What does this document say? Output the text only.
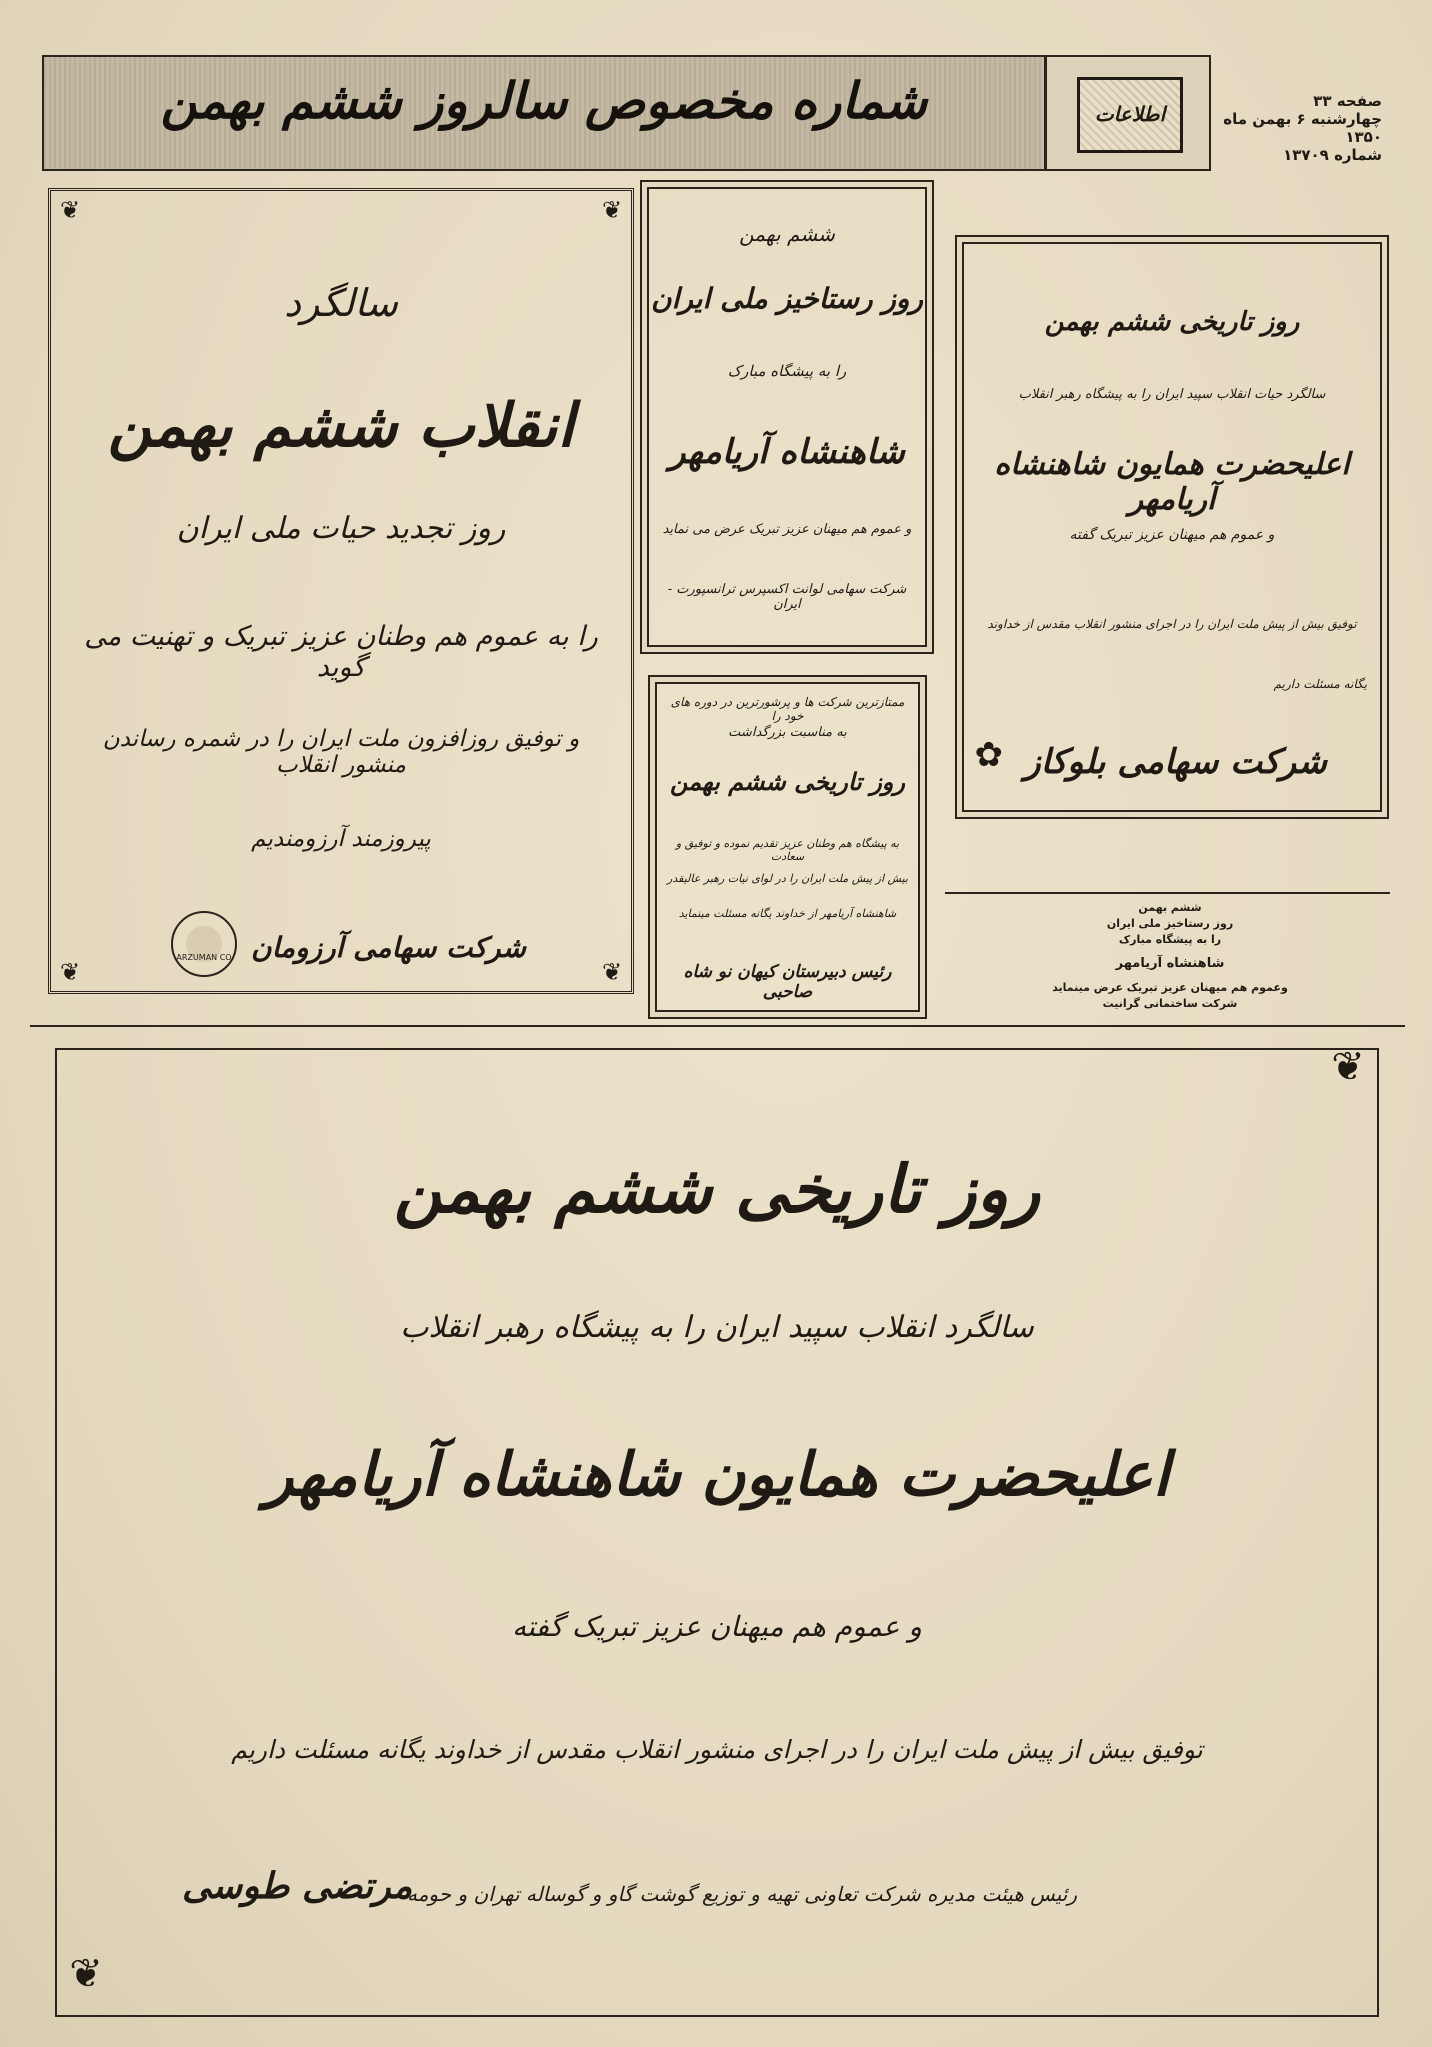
شماره مخصوص سالروز ششم بهمن	اطلاعات
صفحه ۳۳
چهارشنبه ۶ بهمن ماه ۱۳۵۰
شماره ۱۳۷۰۹
❦	❦
❦	❦
سالگرد
انقلاب ششم بهمن
روز تجدید حیات ملی ایران
را به عموم هم وطنان عزیز تبریک و تهنیت می گوید
و توفیق روزافزون ملت ایران را در شمره رساندن منشور انقلاب
پیروزمند آرزومندیم
ARZUMAN CO شرکت سهامی آرزومان
ششم بهمن
روز رستاخیز ملی ایران
را به پیشگاه مبارک
شاهنشاه آریامهر
و عموم هم میهنان عزیز تبریک عرض می نماید
شرکت سهامی لوانت اکسپرس ترانسپورت - ایران
روز تاریخی ششم بهمن
سالگرد حیات انقلاب سپید ایران را به پیشگاه رهبر انقلاب
اعلیحضرت همایون شاهنشاه آریامهر
و عموم هم میهنان عزیز تبریک گفته
توفیق بیش از پیش ملت ایران را در اجرای منشور انقلاب مقدس از خداوند
یگانه مسئلت داریم
شرکت سهامی بلوکاز
✿
ممتازترین شرکت ها و پرشورترین در دوره های خود را
به مناسبت بزرگداشت
روز تاریخی ششم بهمن
به پیشگاه هم وطنان عزیز تقدیم نموده و توفیق و سعادت
بیش از پیش ملت ایران را در لوای نیات رهبر عالیقدر
شاهنشاه آریامهر از خداوند یگانه مسئلت مینماید
رئیس دبیرستان کیهان نو شاه صاحبی
ششم بهمن
روز رستاخیز ملی ایران
را به پیشگاه مبارک
شاهنشاه آریامهر
وعموم هم میهنان عزیز تبریک عرض مینماید
شرکت ساختمانی گرانیت
❦
❦
روز تاریخی ششم بهمن
سالگرد انقلاب سپید ایران را به پیشگاه رهبر انقلاب
اعلیحضرت همایون شاهنشاه آریامهر
و عموم هم میهنان عزیز تبریک گفته
توفیق بیش از پیش ملت ایران را در اجرای منشور انقلاب مقدس از خداوند یگانه مسئلت داریم
رئیس هیئت مدیره شرکت تعاونی تهیه و توزیع گوشت گاو و گوساله تهران و حومه
مرتضی طوسی
